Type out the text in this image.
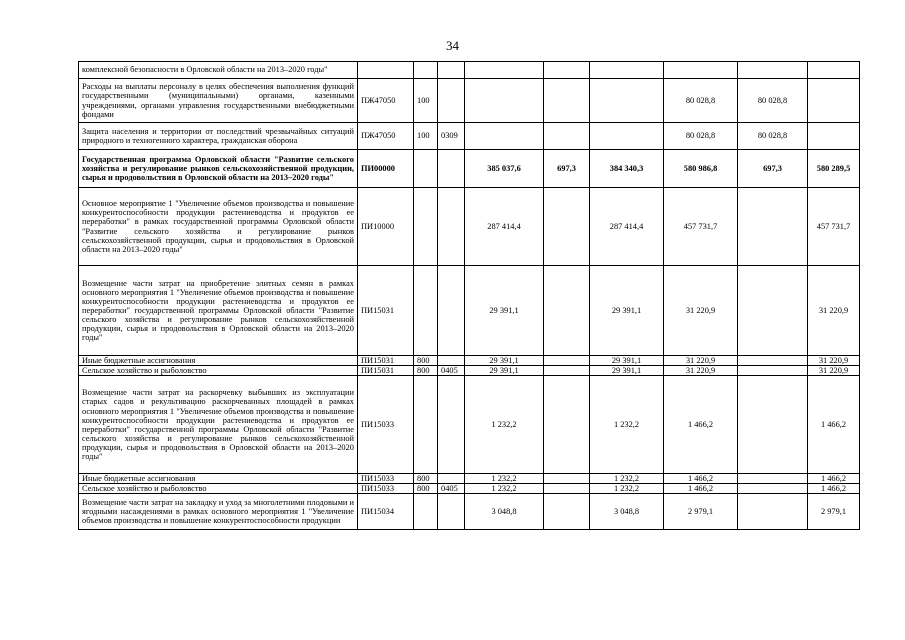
34
комплексной безопасности в Орловской области на 2013–2020 годы"									
Расходы на выплаты персоналу в целях обеспечения выполнения функций государственными (муниципальными) органами, казенными учреждениями, органами управления государственными внебюджетными фондами	ПЖ47050	100					80 028,8	80 028,8	
Защита населения и территории от последствий чрезвычайных ситуаций природного и техногенного характера, гражданская оборона	ПЖ47050	100	0309				80 028,8	80 028,8	
Государственная программа Орловской области "Развитие сельского хозяйства и регулирование рынков сельскохозяйственной продукции, сырья и продовольствия в Орловской области на 2013–2020 годы"	ПИ00000			385 037,6	697,3	384 340,3	580 986,8	697,3	580 289,5
Основное мероприятие 1 "Увеличение объемов производства и повышение конкурентоспособности продукции растениеводства и продуктов ее переработки" в рамках государственной программы Орловской области "Развитие сельского хозяйства и регулирование рынков сельскохозяйственной продукции, сырья и продовольствия в Орловской области на 2013–2020 годы"	ПИ10000			287 414,4		287 414,4	457 731,7		457 731,7
Возмещение части затрат на приобретение элитных семян в рамках основного мероприятия 1 "Увеличение объемов производства и повышение конкурентоспособности продукции растениеводства и продуктов ее переработки" государственной программы Орловской области "Развитие сельского хозяйства и регулирование рынков сельскохозяйственной продукции, сырья и продовольствия в Орловской области на 2013–2020 годы"	ПИ15031			29 391,1		29 391,1	31 220,9		31 220,9
Иные бюджетные ассигнования	ПИ15031	800		29 391,1		29 391,1	31 220,9		31 220,9
Сельское хозяйство и рыболовство	ПИ15031	800	0405	29 391,1		29 391,1	31 220,9		31 220,9
Возмещение части затрат на раскорчевку выбывших из эксплуатации старых садов и рекультивацию раскорчеванных площадей в рамках основного мероприятия 1 "Увеличение объемов производства и повышение конкурентоспособности продукции растениеводства и продуктов ее переработки" государственной программы Орловской области "Развитие сельского хозяйства и регулирование рынков сельскохозяйственной продукции, сырья и продовольствия в Орловской области на 2013–2020 годы"	ПИ15033			1 232,2		1 232,2	1 466,2		1 466,2
Иные бюджетные ассигнования	ПИ15033	800		1 232,2		1 232,2	1 466,2		1 466,2
Сельское хозяйство и рыболовство	ПИ15033	800	0405	1 232,2		1 232,2	1 466,2		1 466,2
Возмещение части затрат на закладку и уход за многолетними плодовыми и ягодными насаждениями в рамках основного мероприятия 1 "Увеличение объемов производства и повышение конкурентоспособности продукции	ПИ15034			3 048,8		3 048,8	2 979,1		2 979,1
